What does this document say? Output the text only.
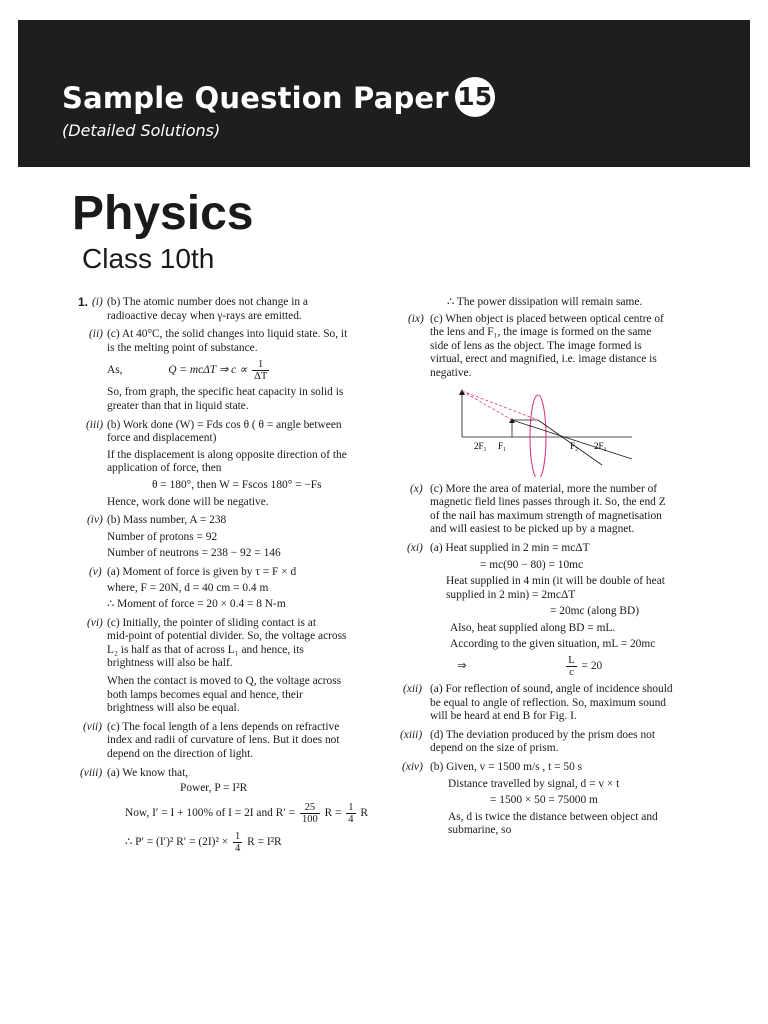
Sample Question Paper 15
(Detailed Solutions)
Physics
Class 10th
1. (i) (b) The atomic number does not change in a
radioactive decay when γ-rays are emitted.
(ii) (c) At 40°C, the solid changes into liquid state. So, it
is the melting point of substance.
As,	Q = mcΔT ⇒ $c \propto \frac{1}{\Delta T}$
So, from graph, the specific heat capacity in solid is
greater than that in liquid state.
(iii) (b) Work done (W) = Fds cos θ ( θ = angle between
force and displacement)
If the displacement is along opposite direction of the
application of force, then
θ = 180°, then W = Fscos 180° = −Fs
Hence, work done will be negative.
(iv) (b) Mass number, A = 238
Number of protons = 92
Number of neutrons = 238 − 92 = 146
(v) (a) Moment of force is given by τ = F × d
where, F = 20N, d = 40 cm = 0.4 m
∴ Moment of force = 20 × 0.4 = 8 N-m
(vi) (c) Initially, the pointer of sliding contact is at
mid-point of potential divider. So, the voltage across
L₂ is half as that of across L₁ and hence, its
brightness will also be half.
When the contact is moved to Q, the voltage across
both lamps becomes equal and hence, their
brightness will also be equal.
(vii) (c) The focal length of a lens depends on refractive
index and radii of curvature of lens. But it does not
depend on the direction of light.
(viii) (a) We know that,
Power, P = I²R
Now, I′ = I + 100% of I = 2I and $R' = \frac{25}{100}$ $R = \frac{1}{4}$ R
∴ P′ = (I′)² $R' = (2I)^2 \times \frac{1}{4}$ R = I²R
∴ The power dissipation will remain same.
(ix) (c) When object is placed between optical centre of
the lens and F₁, the image is formed on the same
side of lens as the object. The image formed is
virtual, erect and magnified, i.e. image distance is
negative.
2F₁ F₁	F₂ 2F₂
(x) (c) More the area of material, more the number of
magnetic field lines passes through it. So, the end Z
of the nail has maximum strength of magnetisation
and will easiest to be picked up by a magnet.
(xi) (a) Heat supplied in 2 min = mcΔT
= mc(90 − 80) = 10mc
Heat supplied in 4 min (it will be double of heat
supplied in 2 min) = 2mcΔT
= 20mc (along BD)
Also, heat supplied along BD = mL.
According to the given situation, mL = 20mc
⇒	$\frac{L}{c} = 20$
(xii) (a) For reflection of sound, angle of incidence should
be equal to angle of reflection. So, maximum sound
will be heard at end B for Fig. I.
(xiii) (d) The deviation produced by the prism does not
depend on the size of prism.
(xiv) (b) Given, v = 1500 m/s , t = 50 s
Distance travelled by signal, d = v × t
= 1500 × 50 = 75000 m
As, d is twice the distance between object and
submarine, so
